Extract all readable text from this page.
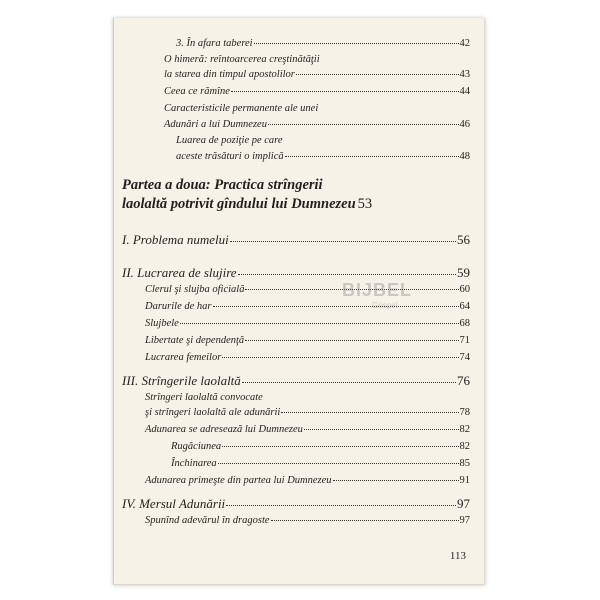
3. În afara taberei	42
O himeră: reîntoarcerea creştinătăţii
la starea din timpul apostolilor	43
Ceea ce rămîne	44
Caracteristicile permanente ale unei
Adunări a lui Dumnezeu	46
Luarea de poziţie pe care
aceste trăsături o implică	48
Partea a doua: Practica strîngerii
laolaltă potrivit gîndului lui Dumnezeu 53
I. Problema numelui	56
II. Lucrarea de slujire	59
Clerul şi slujba oficială	60
Darurile de har	64
Slujbele	68
Libertate şi dependenţă	71
Lucrarea femeilor	74
III. Strîngerile laolaltă	76
Strîngeri laolaltă convocate
şi strîngeri laolaltă ale adunării	78
Adunarea se adresează lui Dumnezeu	82
Rugăciunea	82
Închinarea	85
Adunarea primeşte din partea lui Dumnezeu	91
IV. Mersul Adunării	97
Spunînd adevărul în dragoste	97
113
BIJBEL
Gospel
